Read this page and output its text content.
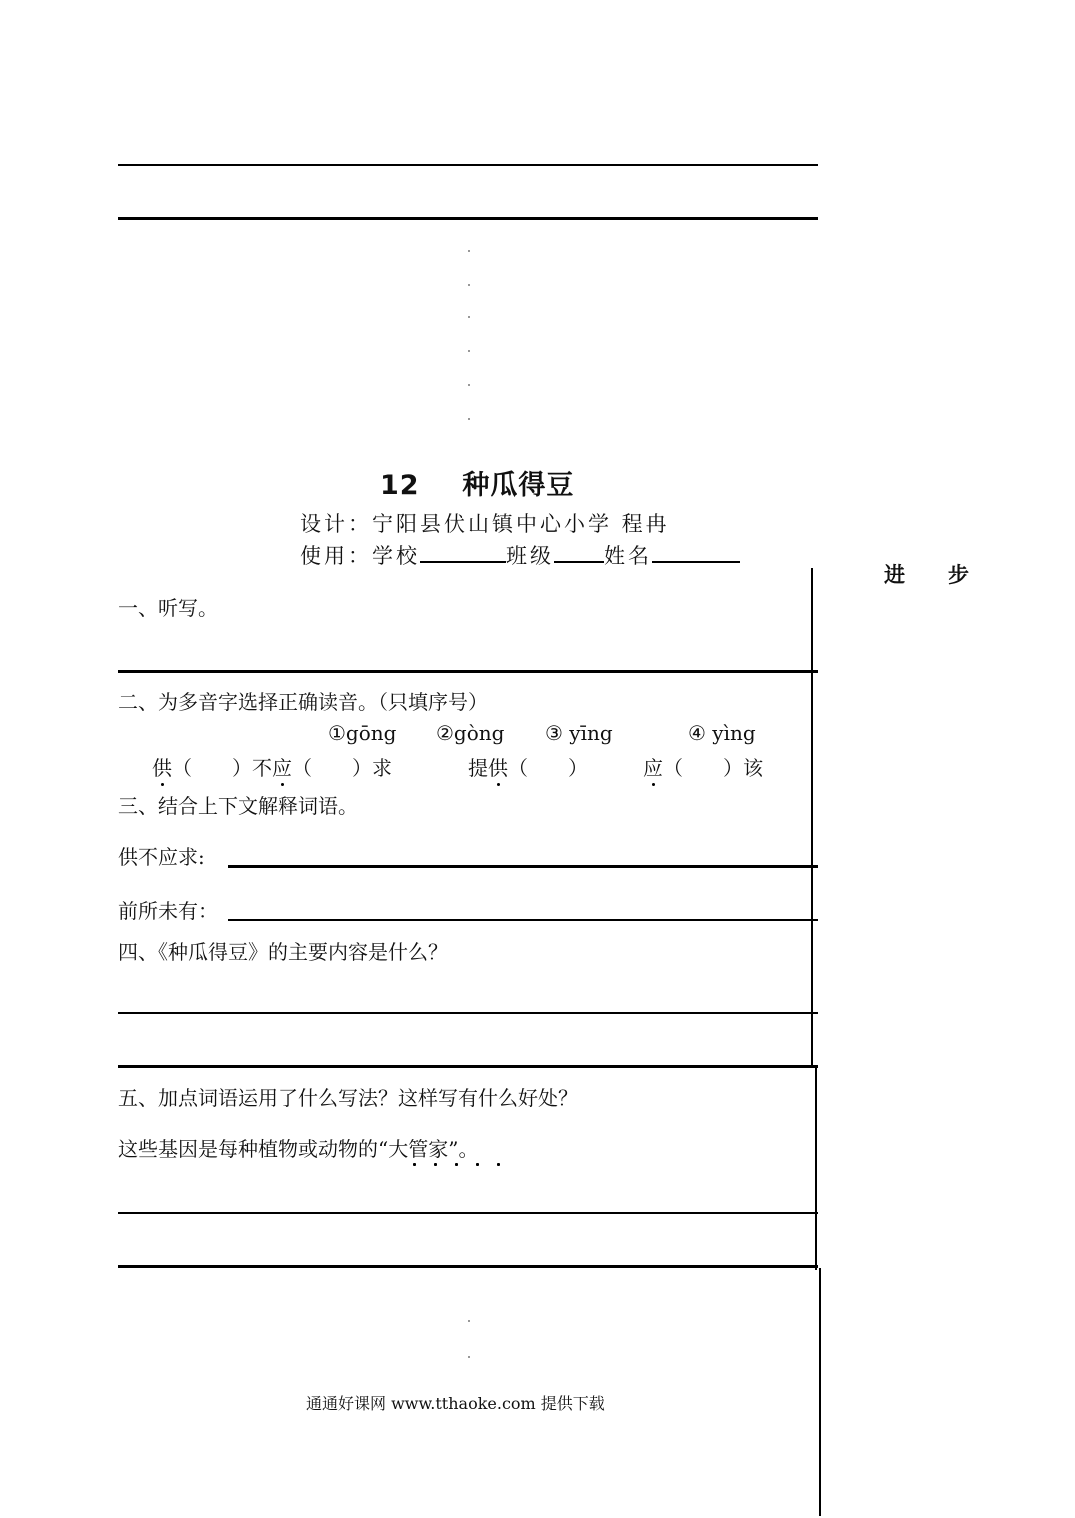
12 种瓜得豆
设计：宁阳县伏山镇中心小学 程冉
使用：学校	班级 姓名
进 步
一、听写。
二、为多音字选择正确读音。（只填序号）
①gōng ②gòng ③ yīng	④ yìng
供（　　）不应（　　）求	提供（　　）	应（　　）该
三、结合上下文解释词语。
供不应求:
前所未有：
四、《种瓜得豆》的主要内容是什么？
五、加点词语运用了什么写法？这样写有什么好处？
这些基因是每种植物或动物的“大管家”。
通通好课网 www.tthaoke.com 提供下载
